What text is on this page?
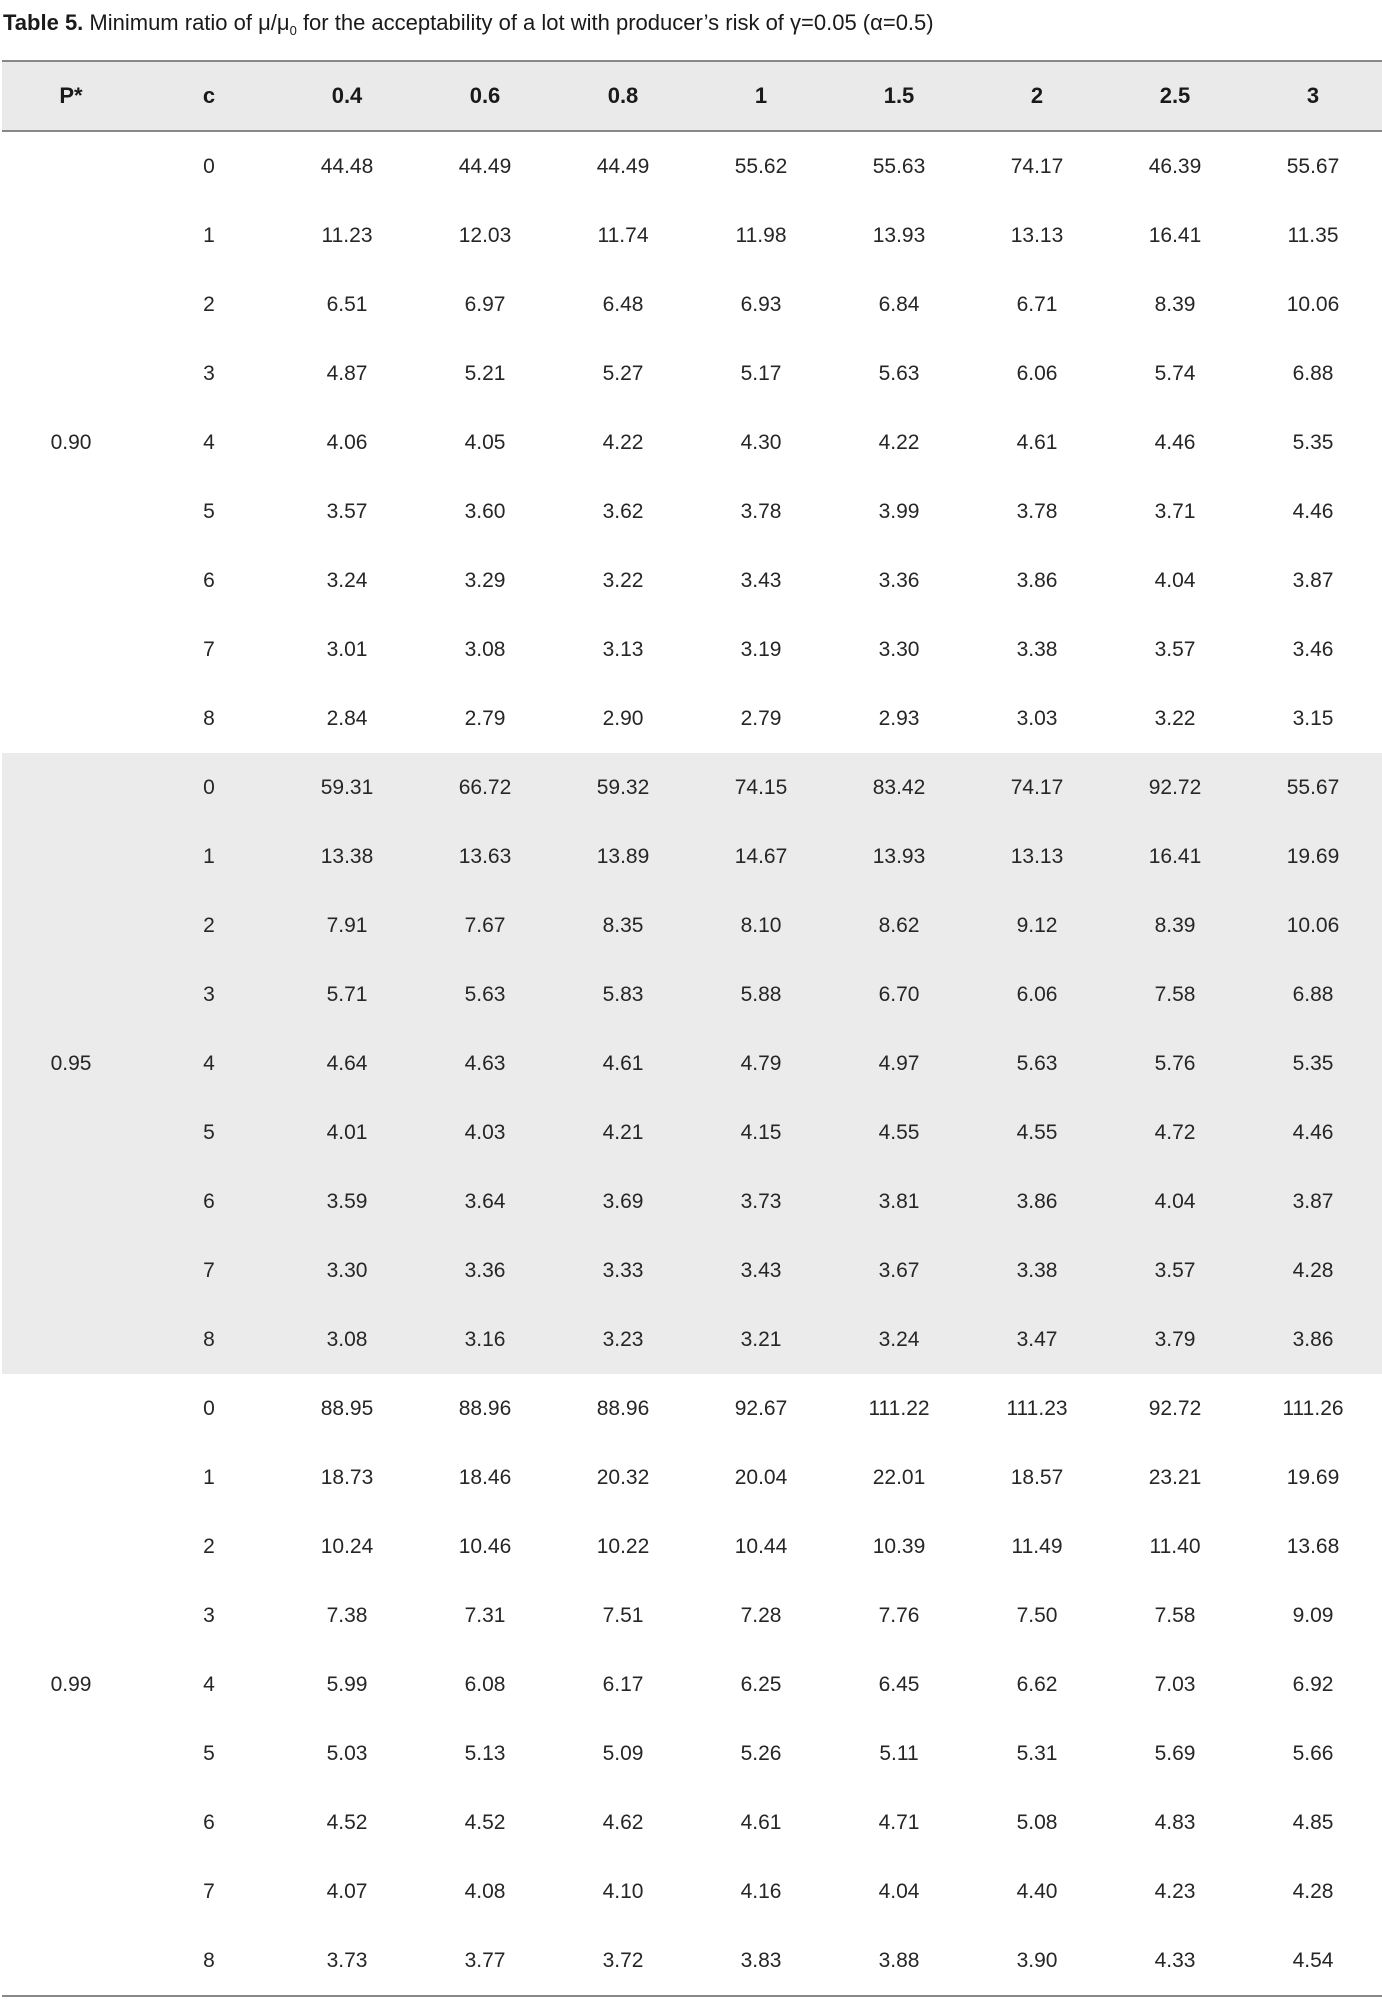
Table 5. Minimum ratio of $\mu/\mu_0$ for the acceptability of a lot with producer’s risk of γ=0.05 (α=0.5)
P*	c	0.4	0.6	0.8	1	1.5	2	2.5	3
	0	44.48	44.49	44.49	55.62	55.63	74.17	46.39	55.67
	1	11.23	12.03	11.74	11.98	13.93	13.13	16.41	11.35
	2	6.51	6.97	6.48	6.93	6.84	6.71	8.39	10.06
	3	4.87	5.21	5.27	5.17	5.63	6.06	5.74	6.88
0.90	4	4.06	4.05	4.22	4.30	4.22	4.61	4.46	5.35
	5	3.57	3.60	3.62	3.78	3.99	3.78	3.71	4.46
	6	3.24	3.29	3.22	3.43	3.36	3.86	4.04	3.87
	7	3.01	3.08	3.13	3.19	3.30	3.38	3.57	3.46
	8	2.84	2.79	2.90	2.79	2.93	3.03	3.22	3.15
	0	59.31	66.72	59.32	74.15	83.42	74.17	92.72	55.67
	1	13.38	13.63	13.89	14.67	13.93	13.13	16.41	19.69
	2	7.91	7.67	8.35	8.10	8.62	9.12	8.39	10.06
	3	5.71	5.63	5.83	5.88	6.70	6.06	7.58	6.88
0.95	4	4.64	4.63	4.61	4.79	4.97	5.63	5.76	5.35
	5	4.01	4.03	4.21	4.15	4.55	4.55	4.72	4.46
	6	3.59	3.64	3.69	3.73	3.81	3.86	4.04	3.87
	7	3.30	3.36	3.33	3.43	3.67	3.38	3.57	4.28
	8	3.08	3.16	3.23	3.21	3.24	3.47	3.79	3.86
	0	88.95	88.96	88.96	92.67	111.22	111.23	92.72	111.26
	1	18.73	18.46	20.32	20.04	22.01	18.57	23.21	19.69
	2	10.24	10.46	10.22	10.44	10.39	11.49	11.40	13.68
	3	7.38	7.31	7.51	7.28	7.76	7.50	7.58	9.09
0.99	4	5.99	6.08	6.17	6.25	6.45	6.62	7.03	6.92
	5	5.03	5.13	5.09	5.26	5.11	5.31	5.69	5.66
	6	4.52	4.52	4.62	4.61	4.71	5.08	4.83	4.85
	7	4.07	4.08	4.10	4.16	4.04	4.40	4.23	4.28
	8	3.73	3.77	3.72	3.83	3.88	3.90	4.33	4.54
